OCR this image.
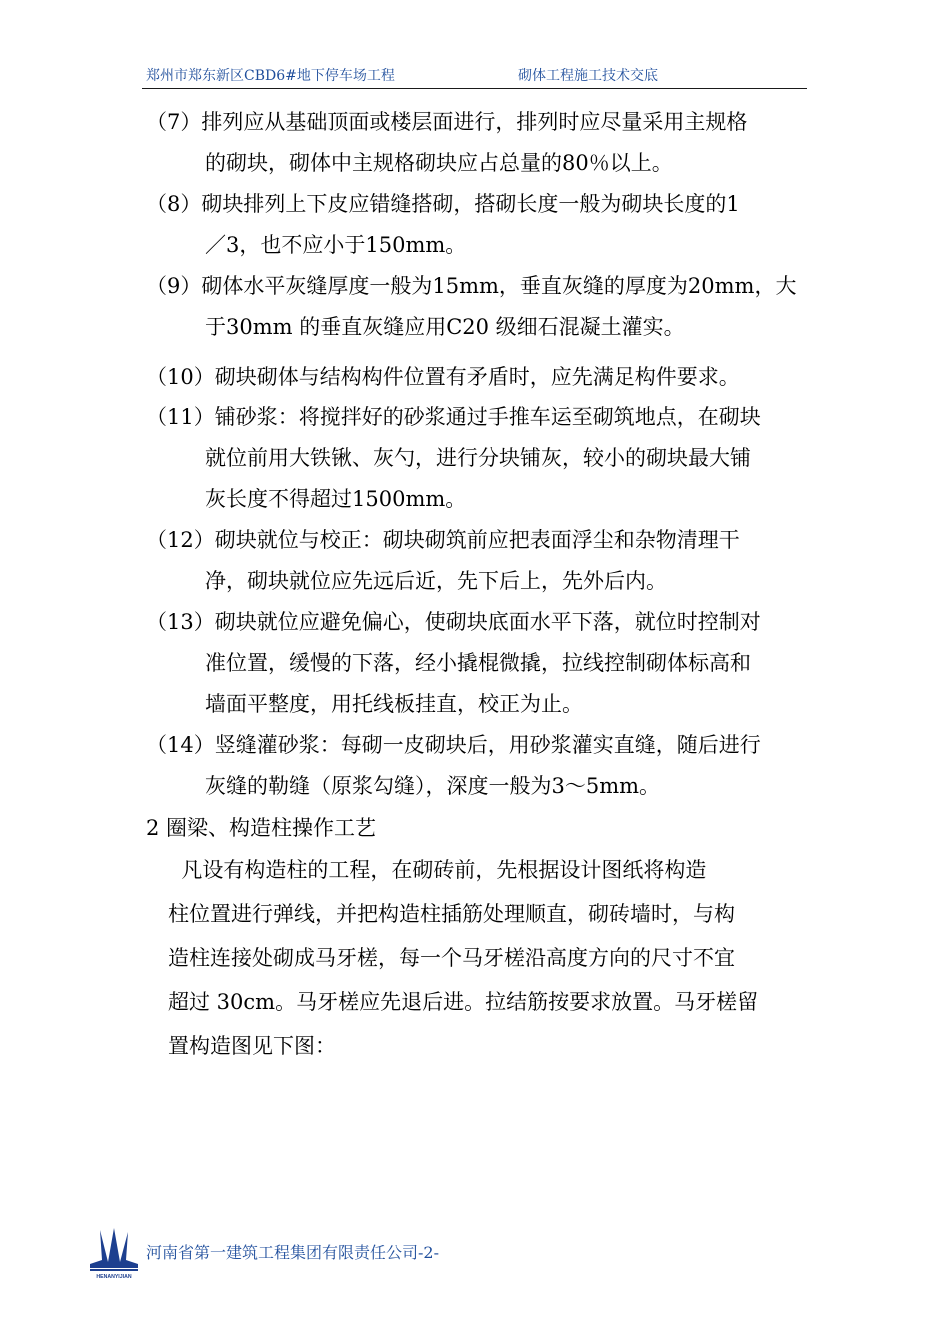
郑州市郑东新区CBD6#地下停车场工程	砌体工程施工技术交底
（7）排列应从基础顶面或楼层面进行，排列时应尽量采用主规格
的砌块，砌体中主规格砌块应占总量的80％以上。
（8）砌块排列上下皮应错缝搭砌，搭砌长度一般为砌块长度的1
／3，也不应小于150mm。
（9）砌体水平灰缝厚度一般为15mm，垂直灰缝的厚度为20mm，大
于30mm 的垂直灰缝应用C20 级细石混凝土灌实。
（10）砌块砌体与结构构件位置有矛盾时，应先满足构件要求。
（11）铺砂浆：将搅拌好的砂浆通过手推车运至砌筑地点，在砌块
就位前用大铁锹、灰勺，进行分块铺灰，较小的砌块最大铺
灰长度不得超过1500mm。
（12）砌块就位与校正：砌块砌筑前应把表面浮尘和杂物清理干
净，砌块就位应先远后近，先下后上，先外后内。
（13）砌块就位应避免偏心，使砌块底面水平下落，就位时控制对
准位置，缓慢的下落，经小撬棍微撬，拉线控制砌体标高和
墙面平整度，用托线板挂直，校正为止。
（14）竖缝灌砂浆：每砌一皮砌块后，用砂浆灌实直缝，随后进行
灰缝的勒缝（原浆勾缝），深度一般为3～5mm。
2 圈梁、构造柱操作工艺
凡设有构造柱的工程，在砌砖前，先根据设计图纸将构造
柱位置进行弹线，并把构造柱插筋处理顺直，砌砖墙时，与构
造柱连接处砌成马牙槎，每一个马牙槎沿高度方向的尺寸不宜
超过 30cm。马牙槎应先退后进。拉结筋按要求放置。马牙槎留
置构造图见下图：
HENANYIJIAN
河南省第一建筑工程集团有限责任公司-2-
